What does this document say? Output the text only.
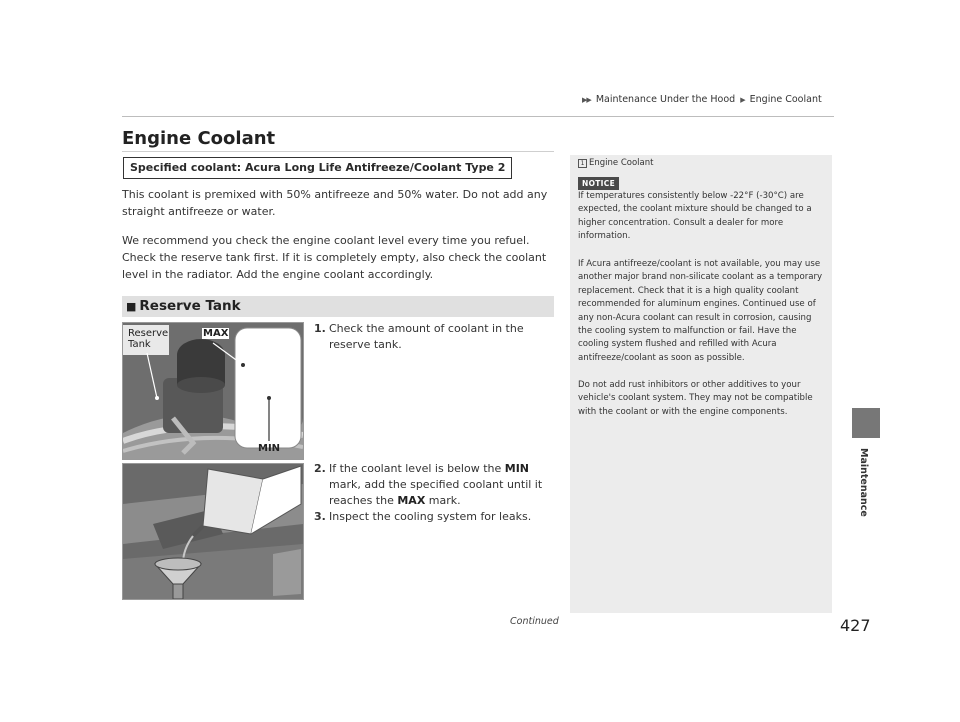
▶▶ Maintenance Under the Hood ▶ Engine Coolant
Engine Coolant
Specified coolant: Acura Long Life Antifreeze/Coolant Type 2
This coolant is premixed with 50% antifreeze and 50% water. Do not add any straight antifreeze or water.
We recommend you check the engine coolant level every time you refuel. Check the reserve tank first. If it is completely empty, also check the coolant level in the radiator. Add the engine coolant accordingly.
■ Reserve Tank
Reserve
Tank
MAX
MIN
1. Check the amount of coolant in the reserve tank.
2. If the coolant level is below the MIN mark, add the specified coolant until it reaches the MAX mark.
3. Inspect the cooling system for leaks.
Continued
1 Engine Coolant
NOTICE
If temperatures consistently below -22°F (-30°C) are expected, the coolant mixture should be changed to a higher concentration. Consult a dealer for more information.
If Acura antifreeze/coolant is not available, you may use another major brand non-silicate coolant as a temporary replacement. Check that it is a high quality coolant recommended for aluminum engines. Continued use of any non-Acura coolant can result in corrosion, causing the cooling system to malfunction or fail. Have the cooling system flushed and refilled with Acura antifreeze/coolant as soon as possible.
Do not add rust inhibitors or other additives to your vehicle's coolant system. They may not be compatible with the coolant or with the engine components.
427
Maintenance
